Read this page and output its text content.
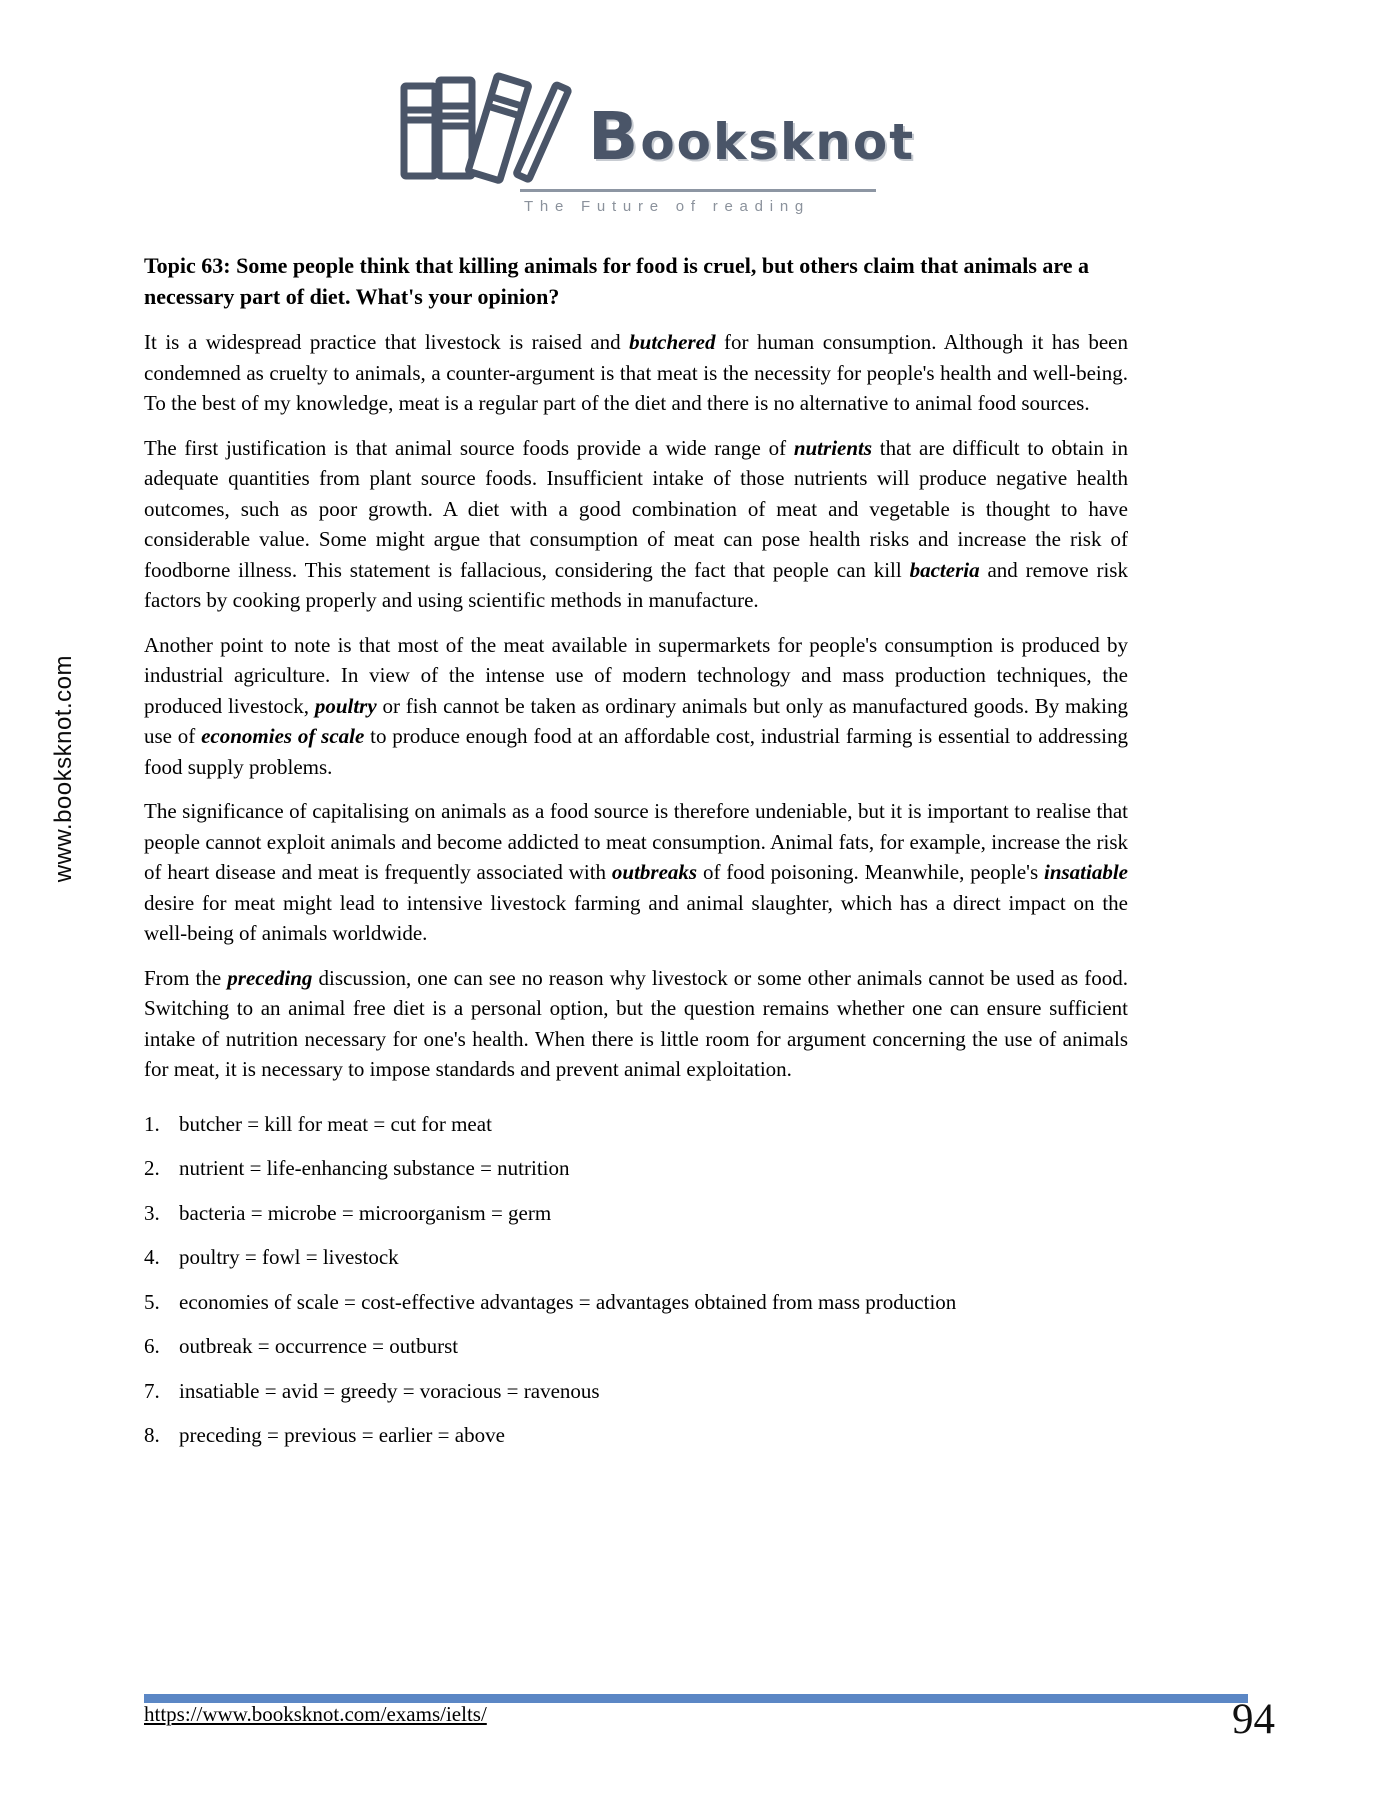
www.booksknot.com
Booksknot
The Future of reading
Topic 63: Some people think that killing animals for food is cruel, but others claim that animals are a necessary part of diet. What's your opinion?

It is a widespread practice that livestock is raised and butchered for human consumption. Although it has been condemned as cruelty to animals, a counter-argument is that meat is the necessity for people's health and well-being. To the best of my knowledge, meat is a regular part of the diet and there is no alternative to animal food sources.

The first justification is that animal source foods provide a wide range of nutrients that are difficult to obtain in adequate quantities from plant source foods. Insufficient intake of those nutrients will produce negative health outcomes, such as poor growth. A diet with a good combination of meat and vegetable is thought to have considerable value. Some might argue that consumption of meat can pose health risks and increase the risk of foodborne illness. This statement is fallacious, considering the fact that people can kill bacteria and remove risk factors by cooking properly and using scientific methods in manufacture.

Another point to note is that most of the meat available in supermarkets for people's consumption is produced by industrial agriculture. In view of the intense use of modern technology and mass production techniques, the produced livestock, poultry or fish cannot be taken as ordinary animals but only as manufactured goods. By making use of economies of scale to produce enough food at an affordable cost, industrial farming is essential to addressing food supply problems.

The significance of capitalising on animals as a food source is therefore undeniable, but it is important to realise that people cannot exploit animals and become addicted to meat consumption. Animal fats, for example, increase the risk of heart disease and meat is frequently associated with outbreaks of food poisoning. Meanwhile, people's insatiable desire for meat might lead to intensive livestock farming and animal slaughter, which has a direct impact on the well-being of animals worldwide.

From the preceding discussion, one can see no reason why livestock or some other animals cannot be used as food. Switching to an animal free diet is a personal option, but the question remains whether one can ensure sufficient intake of nutrition necessary for one's health. When there is little room for argument concerning the use of animals for meat, it is necessary to impose standards and prevent animal exploitation.

1. butcher = kill for meat = cut for meat
2. nutrient = life-enhancing substance = nutrition
3. bacteria = microbe = microorganism = germ
4. poultry = fowl = livestock
5. economies of scale = cost-effective advantages = advantages obtained from mass production
6. outbreak = occurrence = outburst
7. insatiable = avid = greedy = voracious = ravenous
8. preceding = previous = earlier = above
https://www.booksknot.com/exams/ielts/	94
